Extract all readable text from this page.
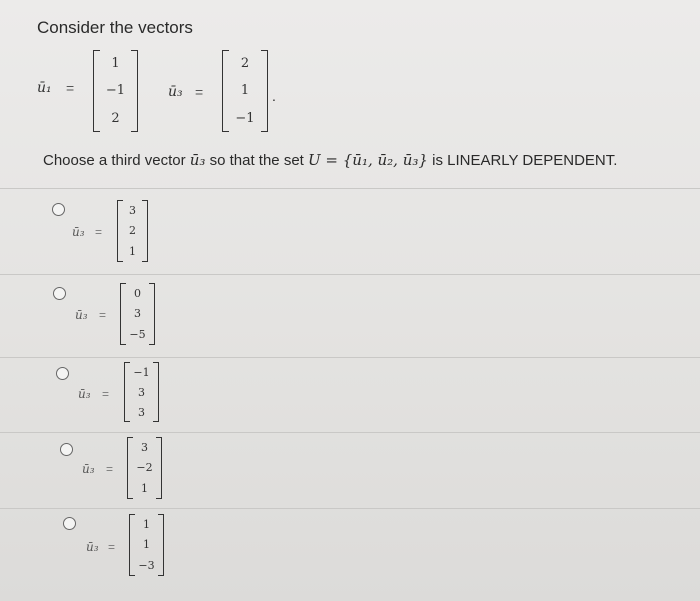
Consider the vectors
ū₁ =
1
−1
2
ū₃ =
2
1
−1
.
Choose a third vector ū₃ so that the set U = {ū₁, ū₂, ū₃} is LINEARLY DEPENDENT.
ū₃ =
3
2
1
ū₃ =
0
3
−5
ū₃ =
−1
3
3
ū₃ =
3
−2
1
ū₃ =
1
1
−3
